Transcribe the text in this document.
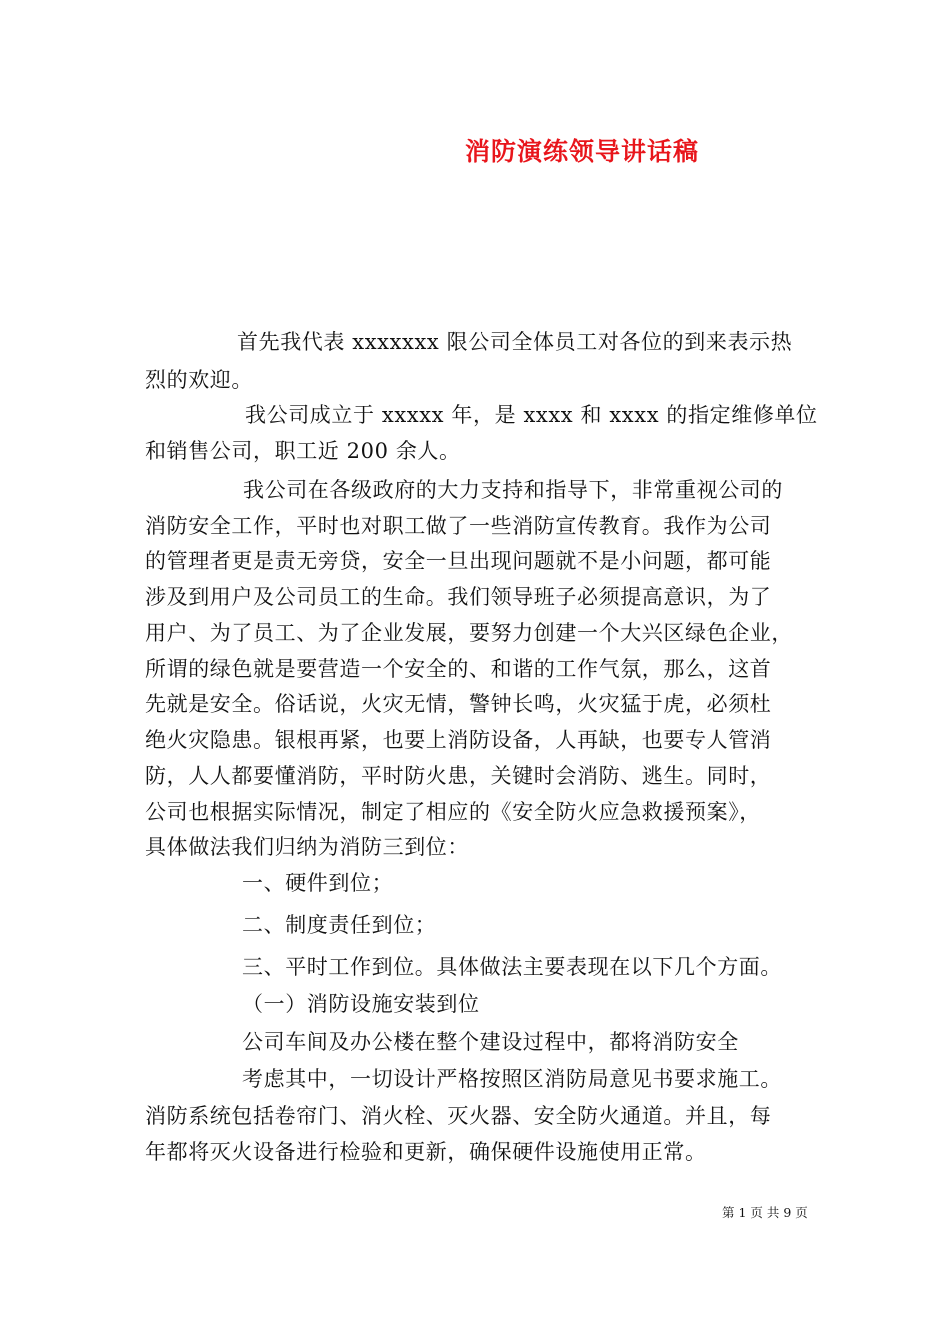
消防演练领导讲话稿
首先我代表 xxxxxxx 限公司全体员工对各位的到来表示热
烈的欢迎。
我公司成立于 xxxxx 年，是 xxxx 和 xxxx 的指定维修单位
和销售公司，职工近 200 余人。
我公司在各级政府的大力支持和指导下，非常重视公司的
消防安全工作，平时也对职工做了一些消防宣传教育。我作为公司
的管理者更是责无旁贷，安全一旦出现问题就不是小问题，都可能
涉及到用户及公司员工的生命。我们领导班子必须提高意识，为了
用户、为了员工、为了企业发展，要努力创建一个大兴区绿色企业，
所谓的绿色就是要营造一个安全的、和谐的工作气氛，那么，这首
先就是安全。俗话说，火灾无情，警钟长鸣，火灾猛于虎，必须杜
绝火灾隐患。银根再紧，也要上消防设备，人再缺，也要专人管消
防，人人都要懂消防，平时防火患，关键时会消防、逃生。同时，
公司也根据实际情况，制定了相应的《安全防火应急救援预案》，
具体做法我们归纳为消防三到位：
一、硬件到位；
二、制度责任到位；
三、平时工作到位。具体做法主要表现在以下几个方面。
（一）消防设施安装到位
公司车间及办公楼在整个建设过程中，都将消防安全
考虑其中，一切设计严格按照区消防局意见书要求施工。
消防系统包括卷帘门、消火栓、灭火器、安全防火通道。并且，每
年都将灭火设备进行检验和更新，确保硬件设施使用正常。
第 1 页 共 9 页
